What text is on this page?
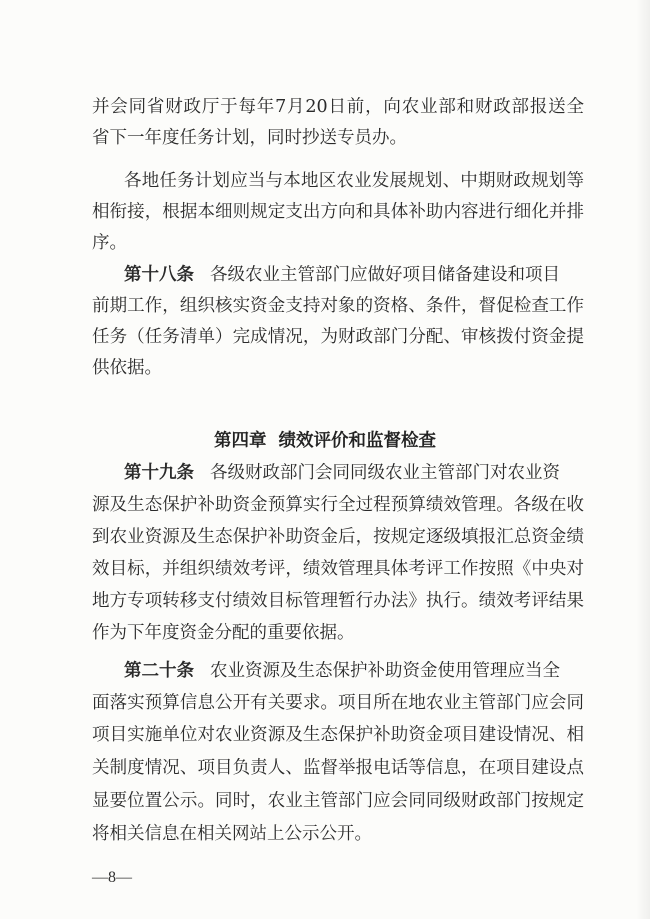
并会同省财政厅于每年7月20日前，向农业部和财政部报送全
省下一年度任务计划，同时抄送专员办。
各地任务计划应当与本地区农业发展规划、中期财政规划等
相衔接，根据本细则规定支出方向和具体补助内容进行细化并排
序。
第十八条 各级农业主管部门应做好项目储备建设和项目
前期工作，组织核实资金支持对象的资格、条件，督促检查工作
任务（任务清单）完成情况，为财政部门分配、审核拨付资金提
供依据。
第四章 绩效评价和监督检查
第十九条 各级财政部门会同同级农业主管部门对农业资
源及生态保护补助资金预算实行全过程预算绩效管理。各级在收
到农业资源及生态保护补助资金后，按规定逐级填报汇总资金绩
效目标，并组织绩效考评，绩效管理具体考评工作按照《中央对
地方专项转移支付绩效目标管理暂行办法》执行。绩效考评结果
作为下年度资金分配的重要依据。
第二十条 农业资源及生态保护补助资金使用管理应当全
面落实预算信息公开有关要求。项目所在地农业主管部门应会同
项目实施单位对农业资源及生态保护补助资金项目建设情况、相
关制度情况、项目负责人、监督举报电话等信息，在项目建设点
显要位置公示。同时，农业主管部门应会同同级财政部门按规定
将相关信息在相关网站上公示公开。
—8—
